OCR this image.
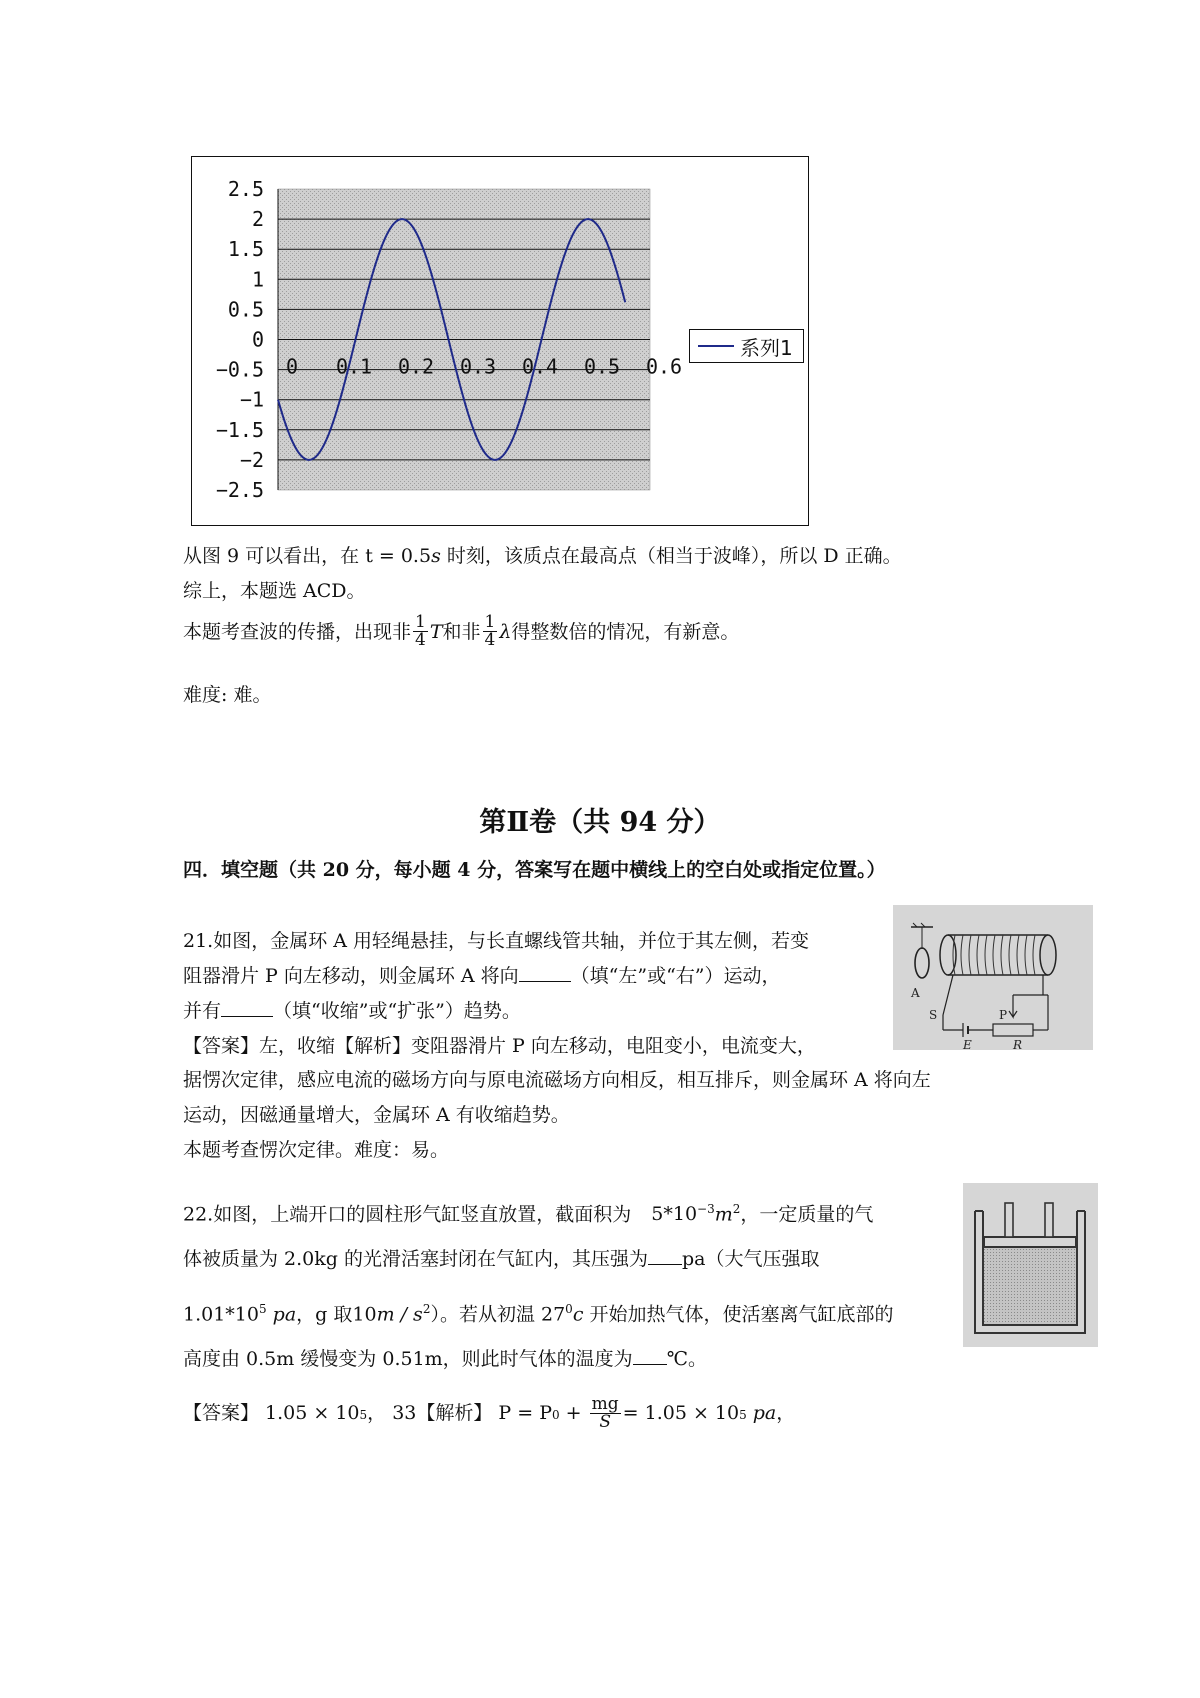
2.5
2
1.5
1
0.5
0
−0.5
−1
−1.5
−2
−2.5
0 0.1 0.2 0.3 0.4 0.5 0.6
系列1
从图 9 可以看出，在 t = 0.5s 时刻，该质点在最高点（相当于波峰），所以 D 正确。
综上，本题选 ACD。
本题考查波的传播，出现非 $\frac{1}{4}$ T 和非 $\frac{1}{4}$ λ 得整数倍的情况，有新意。
难度: 难。
第Ⅱ卷（共 94 分）
四．填空题（共 20 分，每小题 4 分，答案写在题中横线上的空白处或指定位置。）
21.如图，金属环 A 用轻绳悬挂，与长直螺线管共轴，并位于其左侧，若变
阻器滑片 P 向左移动，则金属环 A 将向	（填“左”或“右”）运动，
并有	（填“收缩”或“扩张”）趋势。
【答案】左，收缩【解析】变阻器滑片 P 向左移动，电阻变小，电流变大，
据愣次定律，感应电流的磁场方向与原电流磁场方向相反，相互排斥，则金属环 A 将向左
运动，因磁通量增大，金属环 A 有收缩趋势。
本题考查愣次定律。难度：易。
A
S	P
E	R
22.如图，上端开口的圆柱形气缸竖直放置，截面积为 $5*10^{-3}m^2$，一定质量的气
体被质量为 2.0kg 的光滑活塞封闭在气缸内，其压强为 pa（大气压强取
$1.01*10^5$ pa，g 取$10m / s^2$）。若从初温 $27^0c$ 开始加热气体，使活塞离气缸底部的
高度由 0.5m 缓慢变为 0.51m，则此时气体的温度为 ℃。
【答案】 1.05 × 10 5 ， 33【解析】 P = P $0 + \frac{mg}{S} = 1.05 \times 10$ 5 pa ，
